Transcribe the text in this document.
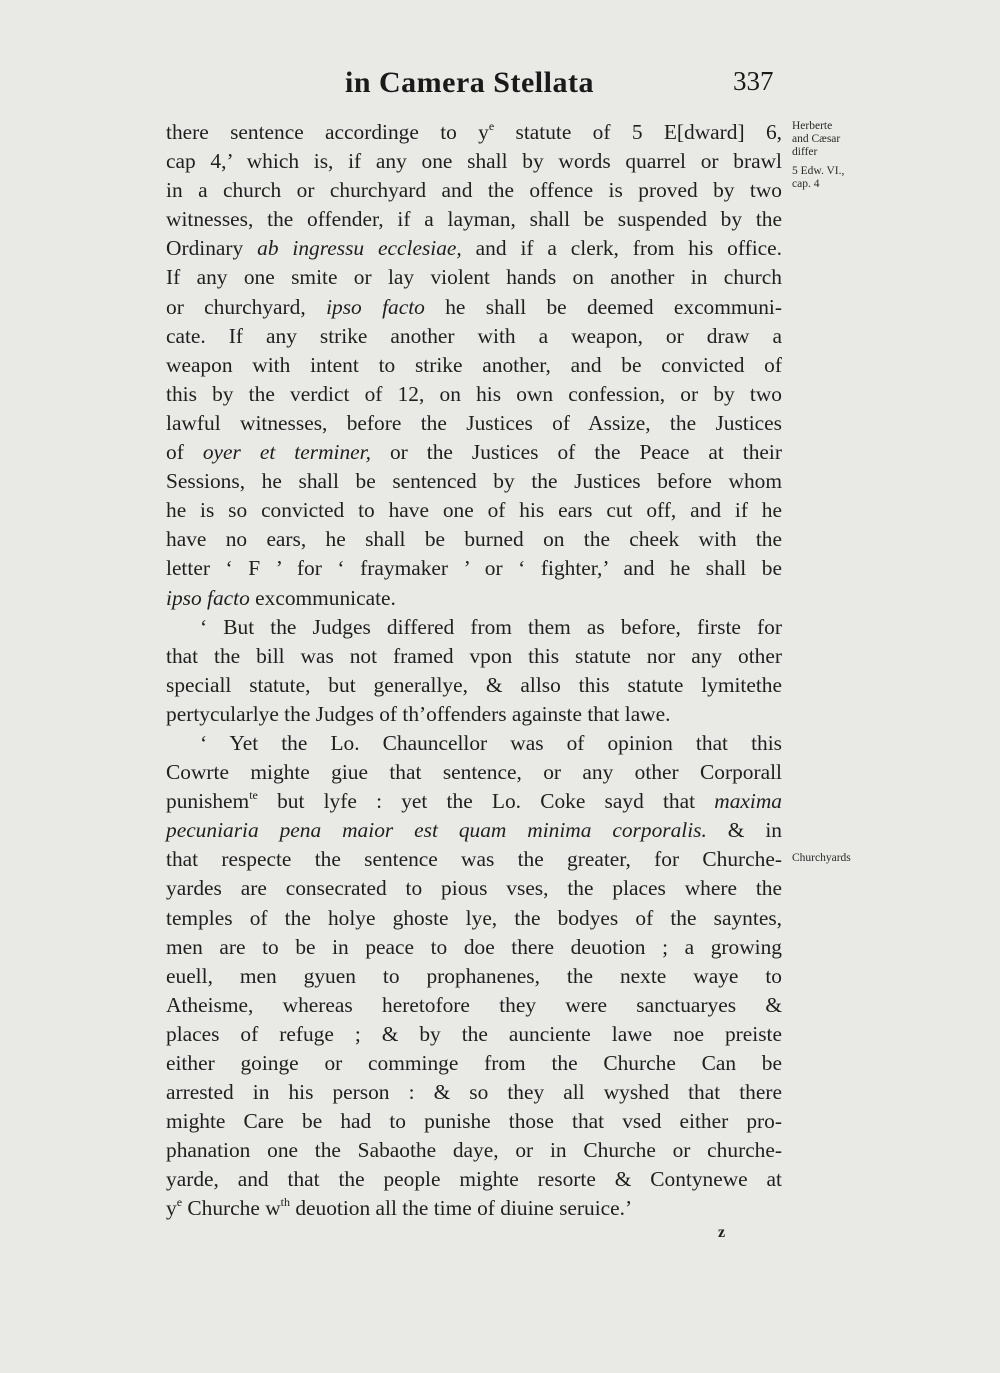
in Camera Stellata	337
Herberte
and Cæsar
differ
5 Edw. VI.,
cap. 4
Churchyards
there sentence accordinge to $y^e$ statute of 5 E[dward] 6,
cap 4,’ which is, if any one shall by words quarrel or brawl
in a church or churchyard and the offence is proved by two
witnesses, the offender, if a layman, shall be suspended by the
Ordinary ab ingressu ecclesiae, and if a clerk, from his office.
If any one smite or lay violent hands on another in church
or churchyard, ipso facto he shall be deemed excommuni-
cate. If any strike another with a weapon, or draw a
weapon with intent to strike another, and be convicted of
this by the verdict of 12, on his own confession, or by two
lawful witnesses, before the Justices of Assize, the Justices
of oyer et terminer, or the Justices of the Peace at their
Sessions, he shall be sentenced by the Justices before whom
he is so convicted to have one of his ears cut off, and if he
have no ears, he shall be burned on the cheek with the
letter ‘ F ’ for ‘ fraymaker ’ or ‘ fighter,’ and he shall be
ipso facto excommunicate.
‘ But the Judges differed from them as before, firste for
that the bill was not framed vpon this statute nor any other
speciall statute, but generallye, & allso this statute lymitethe
pertycularlye the Judges of th’offenders againste that lawe.
‘ Yet the Lo. Chauncellor was of opinion that this
Cowrte mighte giue that sentence, or any other Corporall
punishem$^{te}$ but lyfe : yet the Lo. Coke sayd that maxima
pecuniaria pena maior est quam minima corporalis. & in
that respecte the sentence was the greater, for Churche-
yardes are consecrated to pious vses, the places where the
temples of the holye ghoste lye, the bodyes of the sayntes,
men are to be in peace to doe there deuotion ; a growing
euell, men gyuen to prophanenes, the nexte waye to
Atheisme, whereas heretofore they were sanctuaryes &
places of refuge ; & by the aunciente lawe noe preiste
either goinge or comminge from the Churche Can be
arrested in his person : & so they all wyshed that there
mighte Care be had to punishe those that vsed either pro-
phanation one the Sabaothe daye, or in Churche or churche-
yarde, and that the people mighte resorte & Contynewe at
$y^e$ Churche $w^{th}$ deuotion all the time of diuine seruice.’
z
